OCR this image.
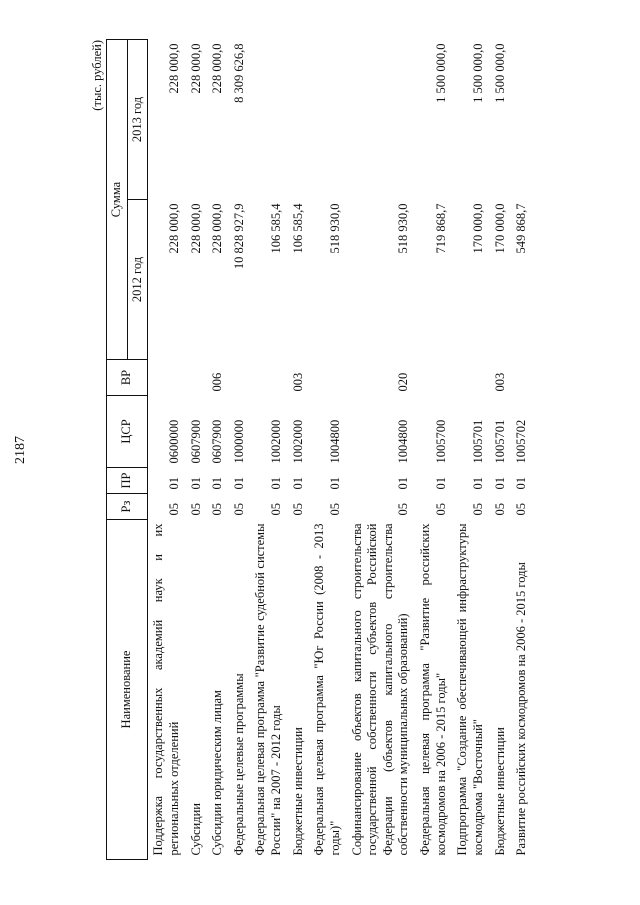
2187
(тыс. рублей)
Наименование	Рз	ПР	ЦСР	ВР	Сумма	
					2012 год	2013 год
Поддержка государственных академий наук и их региональных отделений	05	01	0600000		228 000,0	228 000,0
Субсидии	05	01	0607900		228 000,0	228 000,0
Субсидии юридическим лицам	05	01	0607900	006	228 000,0	228 000,0
Федеральные целевые программы	05	01	1000000		10 828 927,9	8 309 626,8
Федеральная целевая программа "Развитие судебной системы России" на 2007 - 2012 годы	05	01	1002000		106 585,4	
Бюджетные инвестиции	05	01	1002000	003	106 585,4	
Федеральная целевая программа "Юг России (2008 - 2013 годы)"	05	01	1004800		518 930,0	
Софинансирование объектов капитального строительства государственной собственности субъектов Российской Федерации (объектов капитального строительства собственности муниципальных образований)	05	01	1004800	020	518 930,0	
Федеральная целевая программа "Развитие российских космодромов на 2006 - 2015 годы"	05	01	1005700		719 868,7	1 500 000,0
Подпрограмма "Создание обеспечивающей инфраструктуры космодрома "Восточный"	05	01	1005701		170 000,0	1 500 000,0
Бюджетные инвестиции	05	01	1005701	003	170 000,0	1 500 000,0
Развитие российских космодромов на 2006 - 2015 годы	05	01	1005702		549 868,7	
